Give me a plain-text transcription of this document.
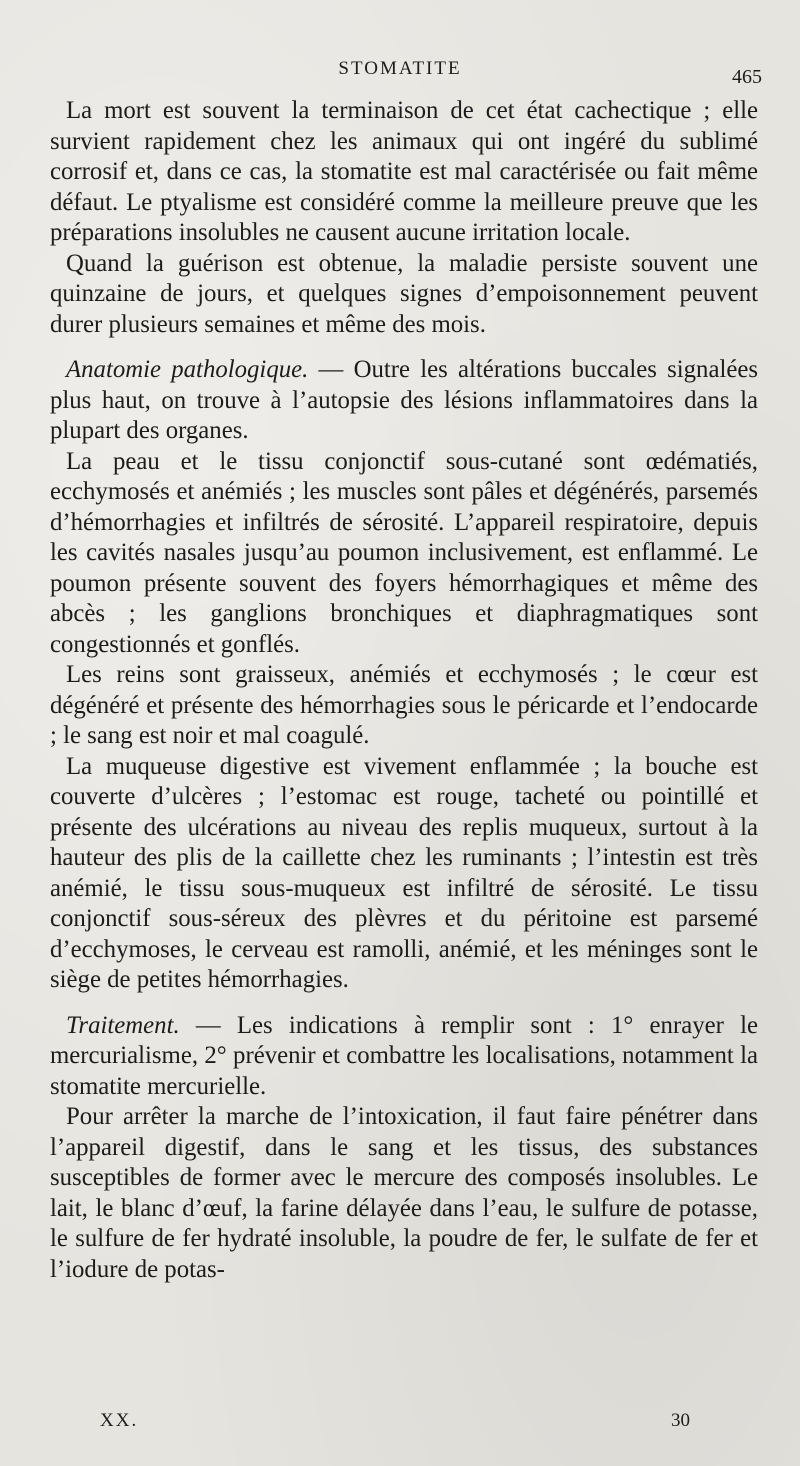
STOMATITE	465

La mort est souvent la terminaison de cet état cachectique ; elle survient rapidement chez les animaux qui ont ingéré du sublimé corrosif et, dans ce cas, la stomatite est mal caractérisée ou fait même défaut. Le ptyalisme est considéré comme la meilleure preuve que les préparations insolubles ne causent aucune irritation locale.

Quand la guérison est obtenue, la maladie persiste souvent une quinzaine de jours, et quelques signes d’empoisonnement peuvent durer plusieurs semaines et même des mois.

Anatomie pathologique. — Outre les altérations buccales signalées plus haut, on trouve à l’autopsie des lésions inflammatoires dans la plupart des organes.

La peau et le tissu conjonctif sous-cutané sont œdématiés, ecchymosés et anémiés ; les muscles sont pâles et dégénérés, parsemés d’hémorrhagies et infiltrés de sérosité. L’appareil respiratoire, depuis les cavités nasales jusqu’au poumon inclusivement, est enflammé. Le poumon présente souvent des foyers hémorrhagiques et même des abcès ; les ganglions bronchiques et diaphragmatiques sont congestionnés et gonflés.

Les reins sont graisseux, anémiés et ecchymosés ; le cœur est dégénéré et présente des hémorrhagies sous le péricarde et l’endocarde ; le sang est noir et mal coagulé.

La muqueuse digestive est vivement enflammée ; la bouche est couverte d’ulcères ; l’estomac est rouge, tacheté ou pointillé et présente des ulcérations au niveau des replis muqueux, surtout à la hauteur des plis de la caillette chez les ruminants ; l’intestin est très anémié, le tissu sous-muqueux est infiltré de sérosité. Le tissu conjonctif sous-séreux des plèvres et du péritoine est parsemé d’ecchymoses, le cerveau est ramolli, anémié, et les méninges sont le siège de petites hémorrhagies.

Traitement. — Les indications à remplir sont : 1° enrayer le mercurialisme, 2° prévenir et combattre les localisations, notamment la stomatite mercurielle.

Pour arrêter la marche de l’intoxication, il faut faire pénétrer dans l’appareil digestif, dans le sang et les tissus, des substances susceptibles de former avec le mercure des composés insolubles. Le lait, le blanc d’œuf, la farine délayée dans l’eau, le sulfure de potasse, le sulfure de fer hydraté insoluble, la poudre de fer, le sulfate de fer et l’iodure de potas-

XX.	30
